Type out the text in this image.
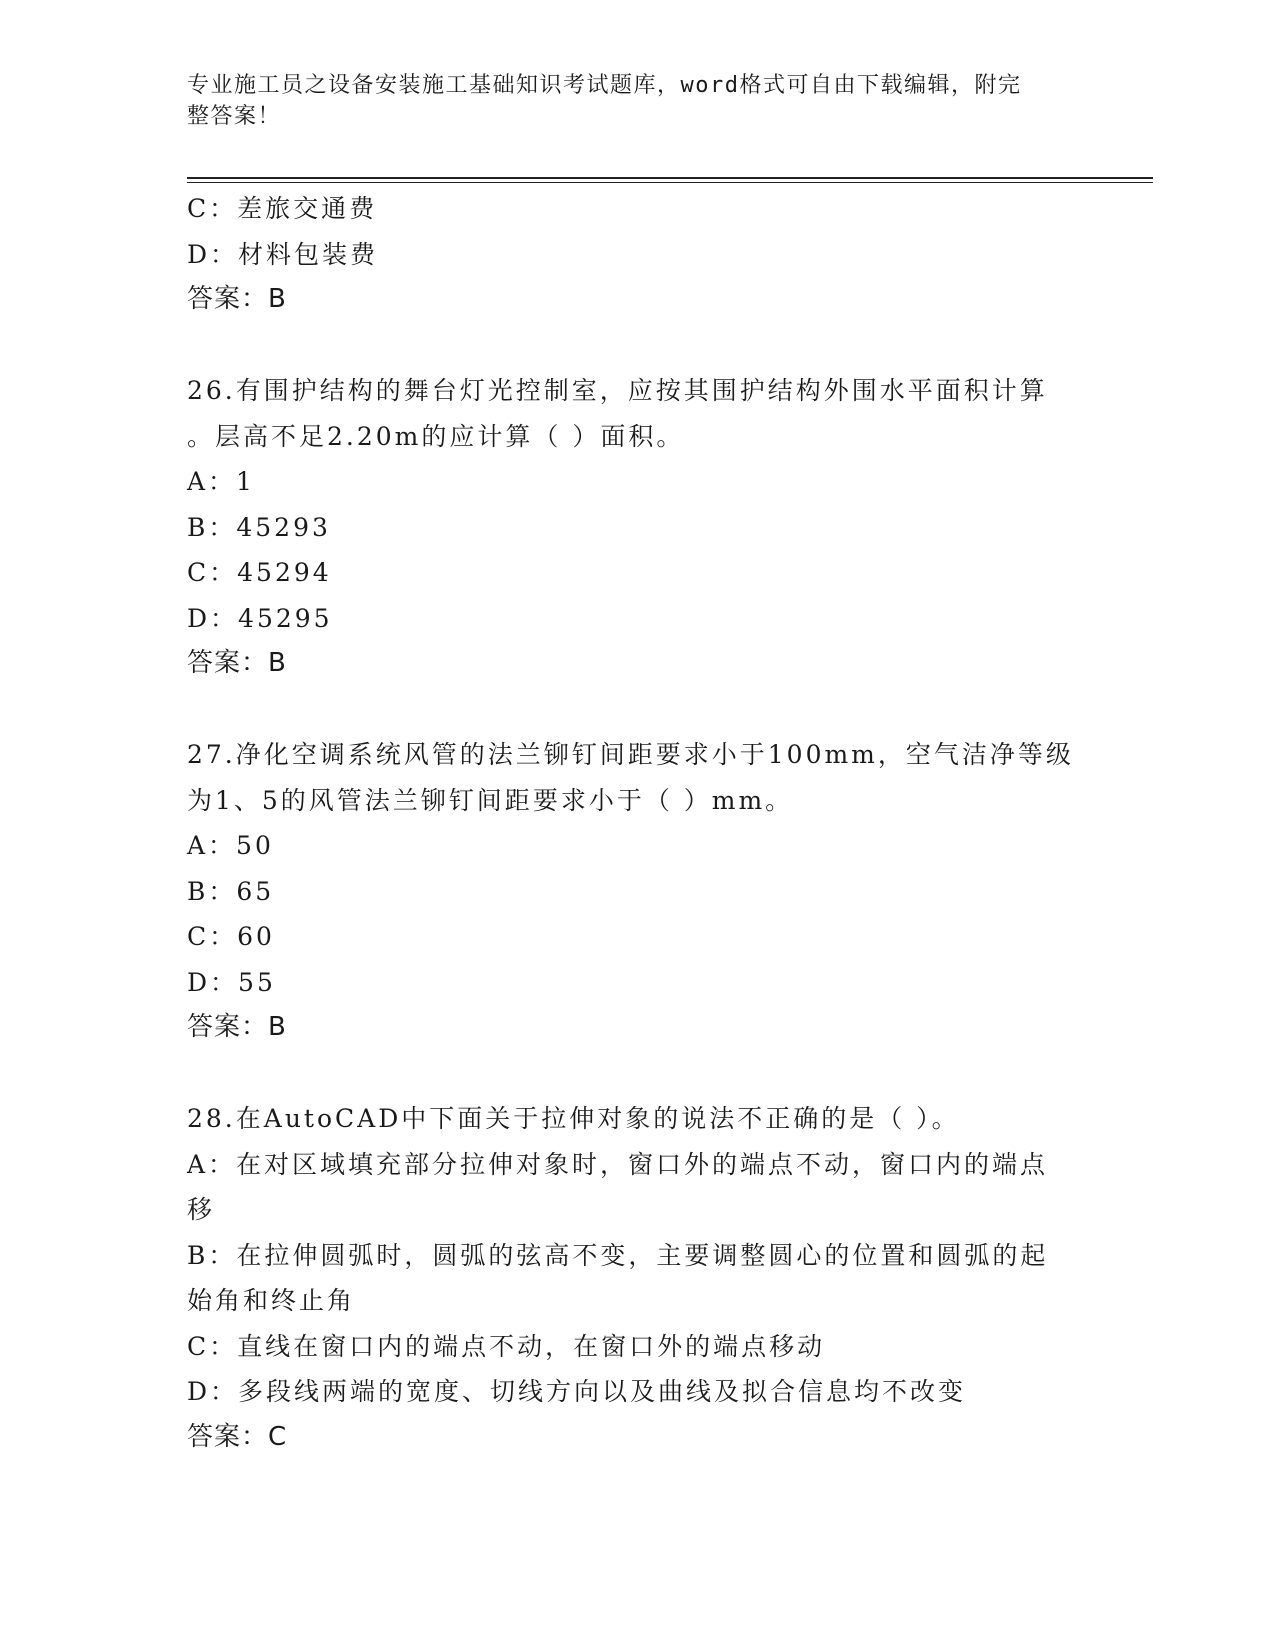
专业施工员之设备安装施工基础知识考试题库，word格式可自由下载编辑，附完
整答案！
C：差旅交通费
D：材料包装费
答案：B
26.有围护结构的舞台灯光控制室，应按其围护结构外围水平面积计算
。层高不足2.20m的应计算（ ）面积。
A：1
B：45293
C：45294
D：45295
答案：B
27.净化空调系统风管的法兰铆钉间距要求小于100mm，空气洁净等级
为1、5的风管法兰铆钉间距要求小于（ ）mm。
A：50
B：65
C：60
D：55
答案：B
28.在AutoCAD中下面关于拉伸对象的说法不正确的是（ ）。
A：在对区域填充部分拉伸对象时，窗口外的端点不动，窗口内的端点
移
B：在拉伸圆弧时，圆弧的弦高不变，主要调整圆心的位置和圆弧的起
始角和终止角
C：直线在窗口内的端点不动，在窗口外的端点移动
D：多段线两端的宽度、切线方向以及曲线及拟合信息均不改变
答案：C
